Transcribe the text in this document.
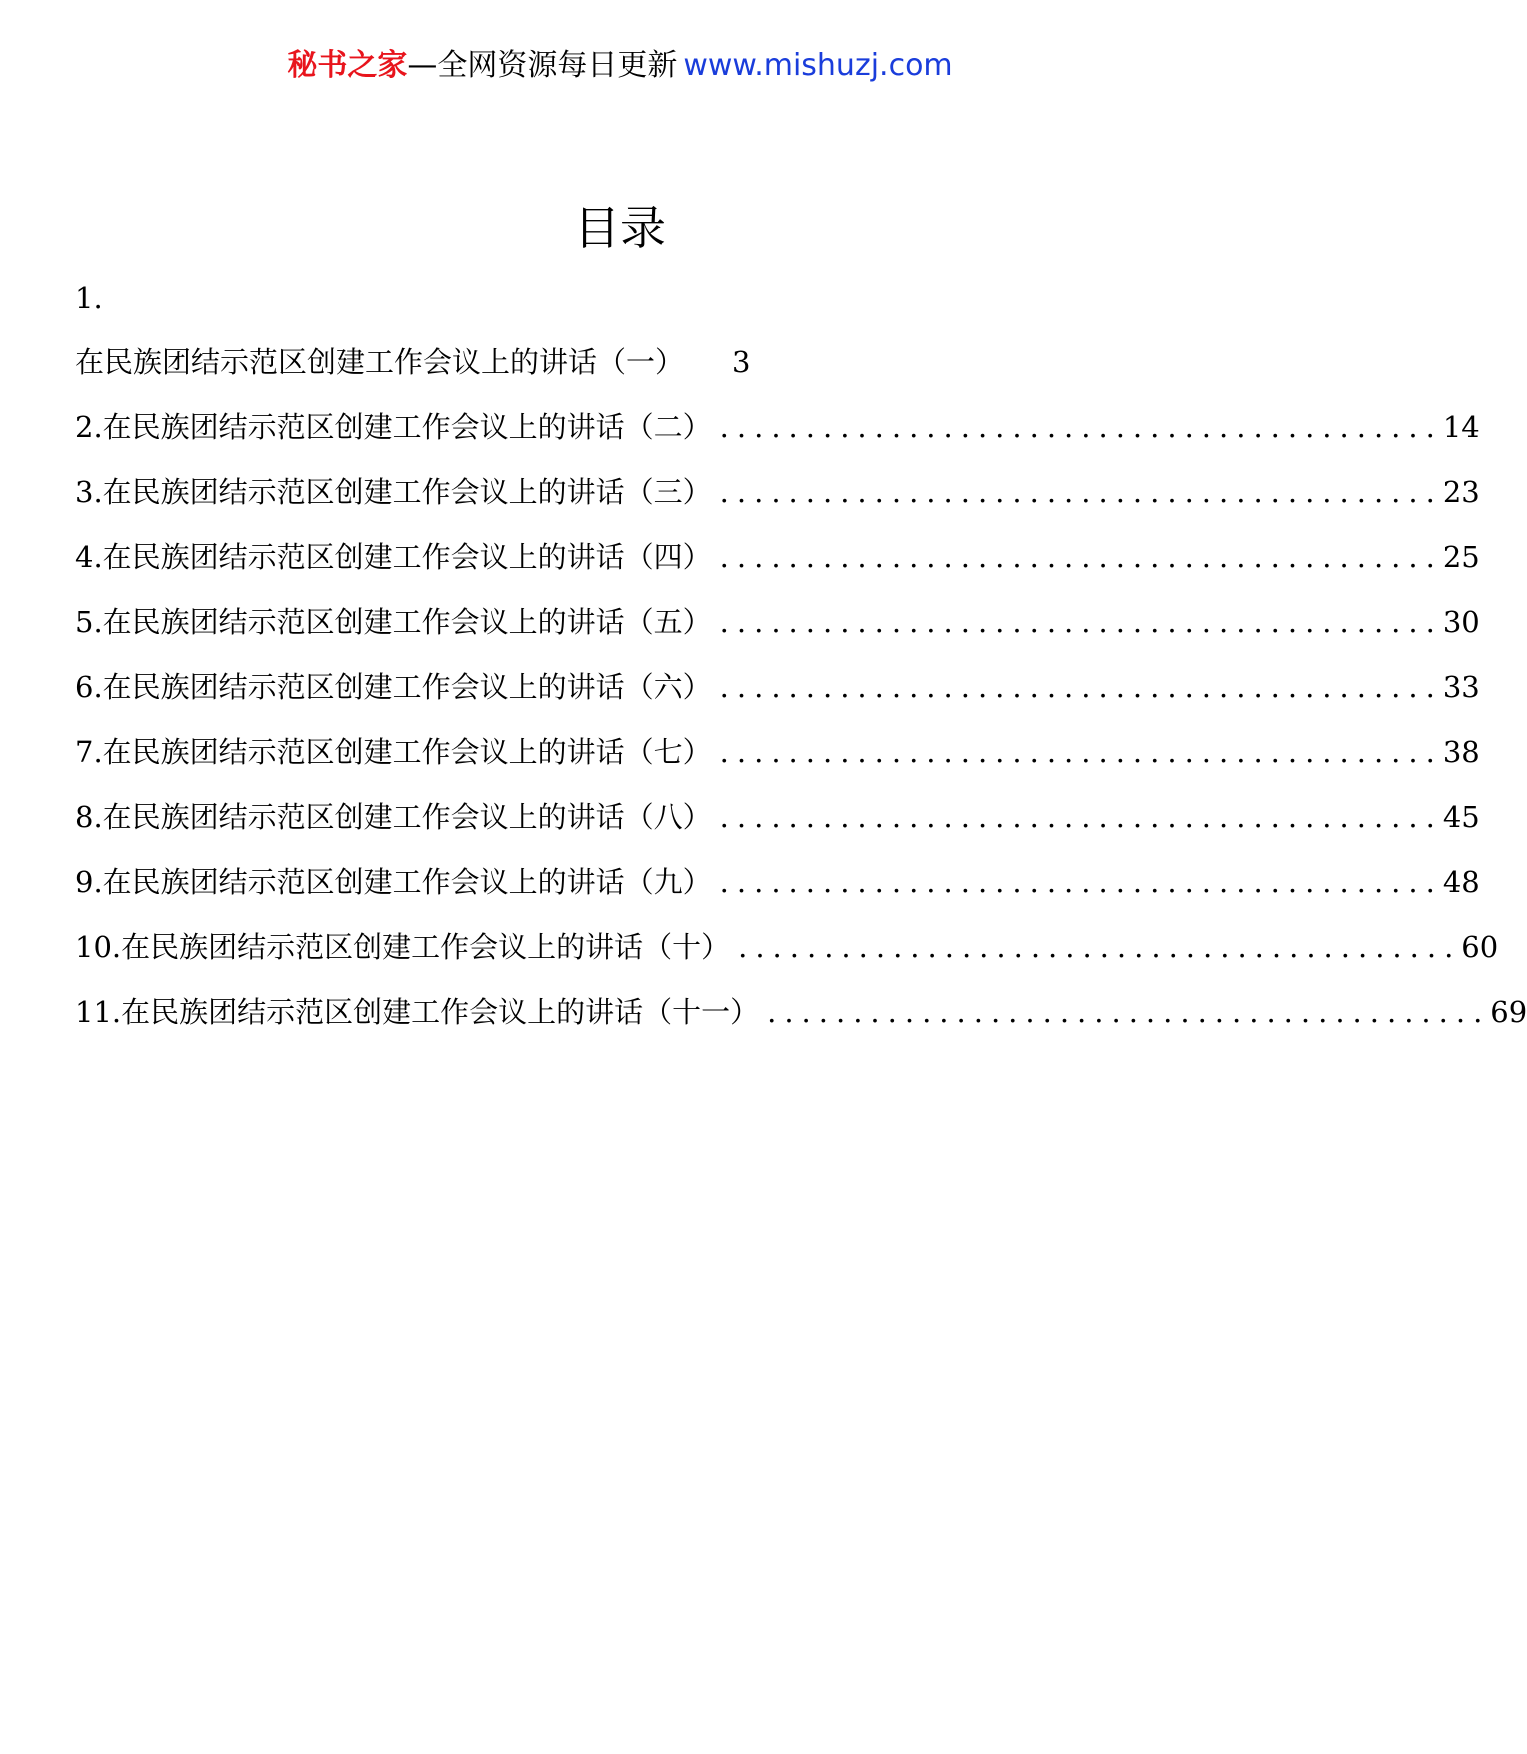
秘书之家—全网资源每日更新 www.mishuzj.com
目录
1.
在民族团结示范区创建工作会议上的讲话（一） 3
2.在民族团结示范区创建工作会议上的讲话（二） .......................................... 14
3.在民族团结示范区创建工作会议上的讲话（三） .......................................... 23
4.在民族团结示范区创建工作会议上的讲话（四） .......................................... 25
5.在民族团结示范区创建工作会议上的讲话（五） .......................................... 30
6.在民族团结示范区创建工作会议上的讲话（六） .......................................... 33
7.在民族团结示范区创建工作会议上的讲话（七） .......................................... 38
8.在民族团结示范区创建工作会议上的讲话（八） .......................................... 45
9.在民族团结示范区创建工作会议上的讲话（九） .......................................... 48
10.在民族团结示范区创建工作会议上的讲话（十） .......................................... 60
11.在民族团结示范区创建工作会议上的讲话（十一） .......................................... 69
